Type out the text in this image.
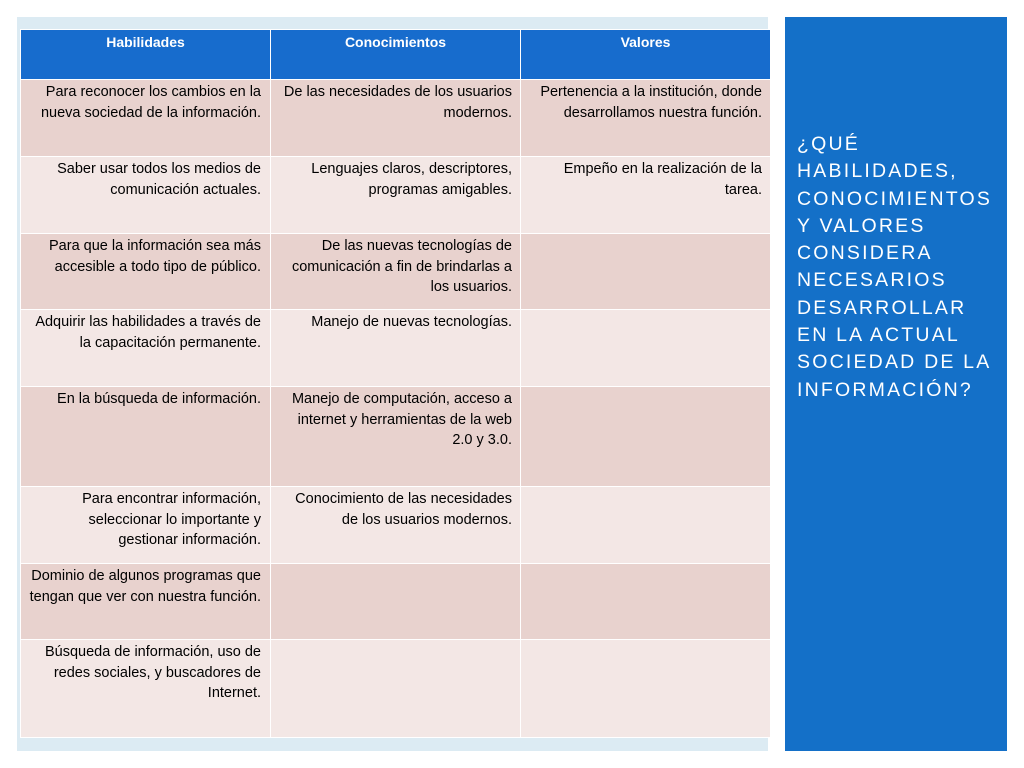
Habilidades	Conocimientos	Valores
Para reconocer los cambios en la nueva sociedad de la información.	De las necesidades de los usuarios modernos.	Pertenencia a la institución, donde desarrollamos nuestra función.
Saber usar todos los medios de comunicación actuales.	Lenguajes claros, descriptores, programas amigables.	Empeño en la realización de la tarea.
Para que la información sea más accesible a todo tipo de público.	De las nuevas tecnologías de comunicación a fin de brindarlas a los usuarios.	
Adquirir las habilidades a través de la capacitación permanente.	Manejo de nuevas tecnologías.	
En la búsqueda de información.	Manejo de computación, acceso a internet y herramientas de la web 2.0 y 3.0.	
Para encontrar información, seleccionar lo importante y gestionar información.	Conocimiento de las necesidades de los usuarios modernos.	
Dominio de algunos programas que tengan que ver con nuestra función.		
Búsqueda de información, uso de redes sociales, y buscadores de Internet.		
¿QUÉ HABILIDADES, CONOCIMIENTOS Y VALORES CONSIDERA NECESARIOS DESARROLLAR EN LA ACTUAL SOCIEDAD DE LA INFORMACIÓN?
